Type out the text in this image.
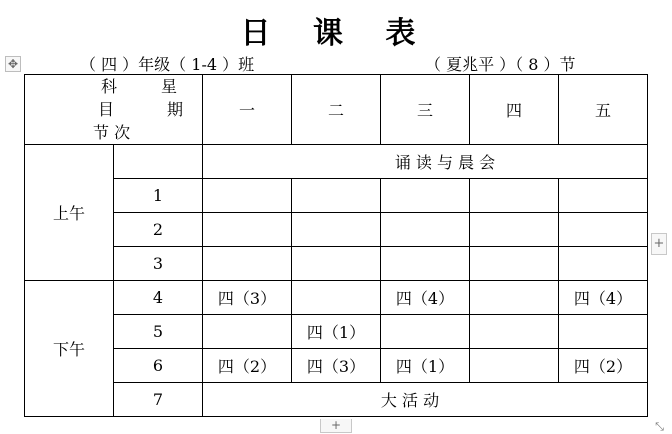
日 课 表
✥	（ 四 ）年级（ 1-4 ）班	（ 夏兆平 ）（ 8 ）节
科 星
目 期
节 次		一	二	三	四	五
上午		诵 读 与 晨 会				
	1					
	2					
	3					
下午	4	四（3）		四（4）		四（4）
	5		四（1）			
	6	四（2）	四（3）	四（1）		四（2）
	7	大 活 动				
+
+	⤡
